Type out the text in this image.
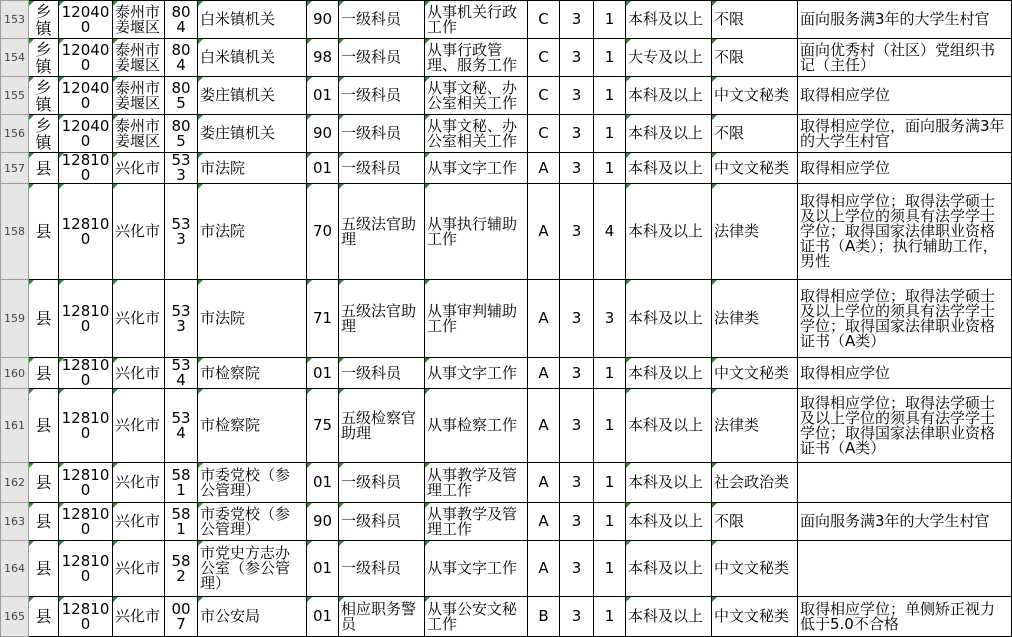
153	乡镇	120400	泰州市姜堰区	804	白米镇机关	90	一级科员	从事机关行政工作	C	3	1	本科及以上	不限	面向服务满3年的大学生村官
154	乡镇	120400	泰州市姜堰区	804	白米镇机关	98	一级科员	从事行政管理、服务工作	C	3	1	大专及以上	不限	面向优秀村（社区）党组织书记（主任）
155	乡镇	120400	泰州市姜堰区	805	娄庄镇机关	01	一级科员	从事文秘、办公室相关工作	C	3	1	本科及以上	中文文秘类	取得相应学位
156	乡镇	120400	泰州市姜堰区	805	娄庄镇机关	90	一级科员	从事文秘、办公室相关工作	C	3	1	本科及以上	不限	取得相应学位，面向服务满3年的大学生村官
157	县	128100	兴化市	533	市法院	01	一级科员	从事文字工作	A	3	1	本科及以上	中文文秘类	取得相应学位
158	县	128100	兴化市	533	市法院	70	五级法官助理	从事执行辅助工作	A	3	4	本科及以上	法律类	取得相应学位；取得法学硕士及以上学位的须具有法学学士学位；取得国家法律职业资格证书（A类）；执行辅助工作，男性
159	县	128100	兴化市	533	市法院	71	五级法官助理	从事审判辅助工作	A	3	3	本科及以上	法律类	取得相应学位；取得法学硕士及以上学位的须具有法学学士学位；取得国家法律职业资格证书（A类）
160	县	128100	兴化市	534	市检察院	01	一级科员	从事文字工作	A	3	1	本科及以上	中文文秘类	取得相应学位
161	县	128100	兴化市	534	市检察院	75	五级检察官助理	从事检察工作	A	3	1	本科及以上	法律类	取得相应学位；取得法学硕士及以上学位的须具有法学学士学位；取得国家法律职业资格证书（A类）
162	县	128100	兴化市	581	市委党校（参公管理）	01	一级科员	从事教学及管理工作	A	3	1	本科及以上	社会政治类	
163	县	128100	兴化市	581	市委党校（参公管理）	90	一级科员	从事教学及管理工作	A	3	1	本科及以上	不限	面向服务满3年的大学生村官
164	县	128100	兴化市	582	市党史方志办公室（参公管理）	01	一级科员	从事文字工作	A	3	1	本科及以上	中文文秘类	
165	县	128100	兴化市	007	市公安局	01	相应职务警员	从事公安文秘工作	B	3	1	本科及以上	中文文秘类	取得相应学位；单侧矫正视力低于5.0不合格
